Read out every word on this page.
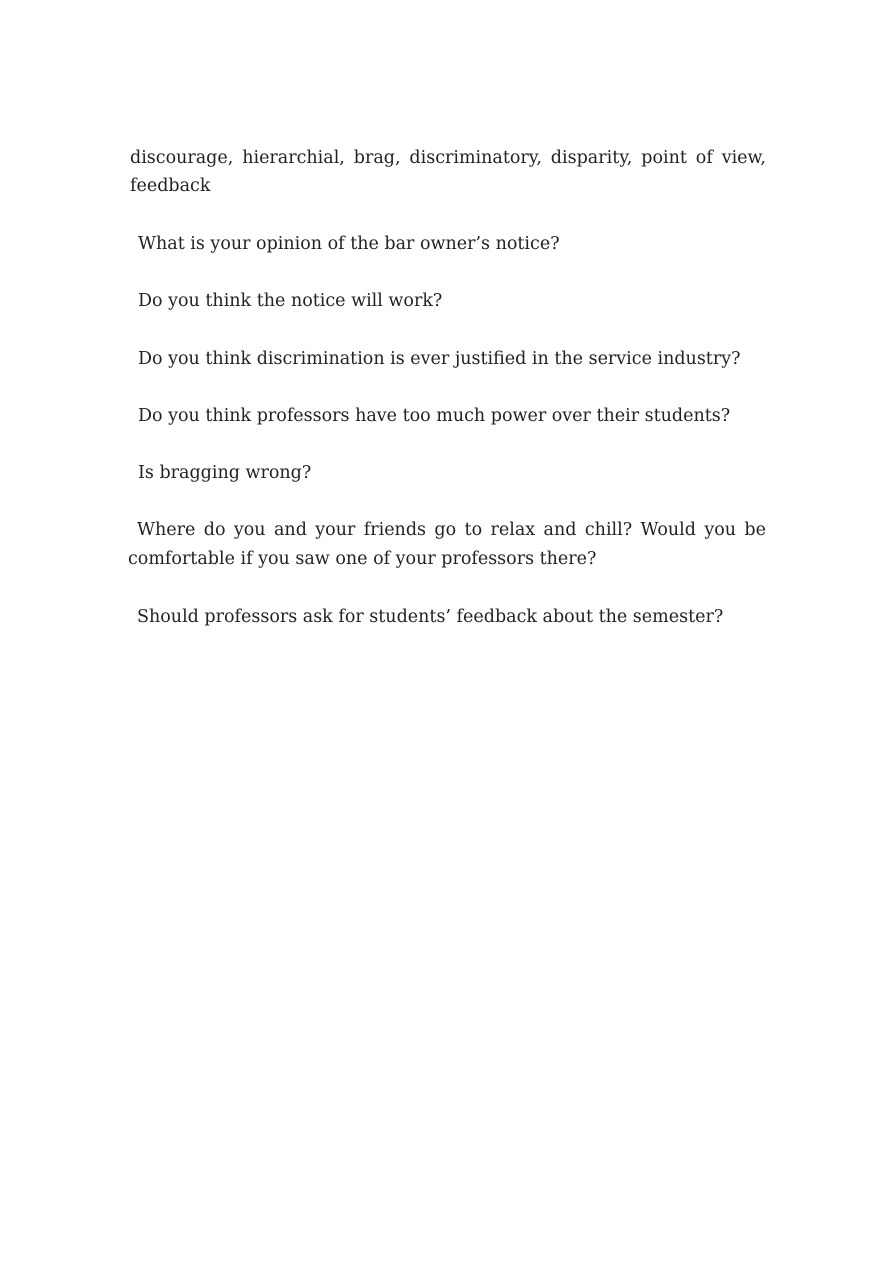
discourage, hierarchial, brag, discriminatory, disparity, point of view, feedback

What is your opinion of the bar owner’s notice?

Do you think the notice will work?

Do you think discrimination is ever justified in the service industry?

Do you think professors have too much power over their students?

Is bragging wrong?

Where do you and your friends go to relax and chill? Would you be comfortable if you saw one of your professors there?

Should professors ask for students’ feedback about the semester?
